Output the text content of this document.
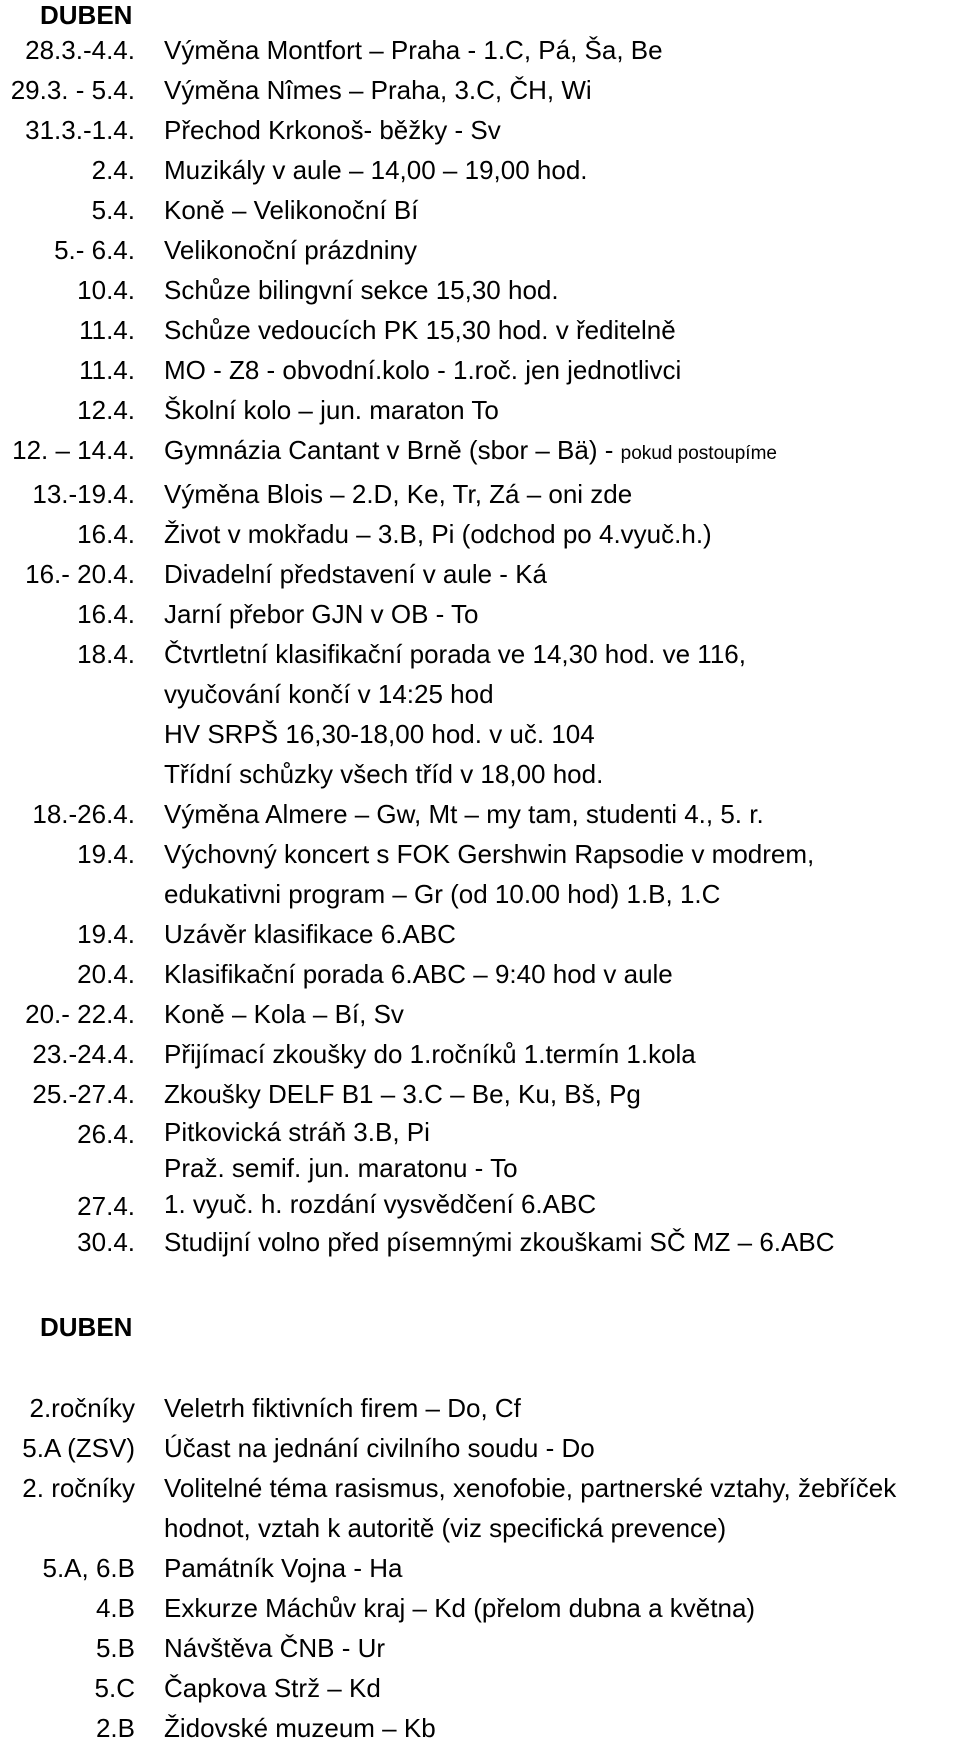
DUBEN
28.3.-4.4. Výměna Montfort – Praha - 1.C, Pá, Ša, Be
29.3. - 5.4. Výměna Nîmes – Praha, 3.C, ČH, Wi
31.3.-1.4. Přechod Krkonoš- běžky - Sv
2.4. Muzikály v aule – 14,00 – 19,00 hod.
5.4. Koně – Velikonoční Bí
5.- 6.4. Velikonoční prázdniny
10.4. Schůze bilingvní sekce 15,30 hod.
11.4. Schůze vedoucích PK 15,30 hod. v ředitelně
11.4. MO - Z8 - obvodní.kolo - 1.roč. jen jednotlivci
12.4. Školní kolo – jun. maraton To
12. – 14.4. Gymnázia Cantant v Brně (sbor – Bä) - pokud postoupíme
13.-19.4. Výměna Blois – 2.D, Ke, Tr, Zá – oni zde
16.4. Život v mokřadu – 3.B, Pi (odchod po 4.vyuč.h.)
16.- 20.4. Divadelní představení v aule - Ká
16.4. Jarní přebor GJN v OB - To
18.4. Čtvrtletní klasifikační porada ve 14,30 hod. ve 116,
vyučování končí v 14:25 hod
HV SRPŠ 16,30-18,00 hod. v uč. 104
Třídní schůzky všech tříd v 18,00 hod.
18.-26.4. Výměna Almere – Gw, Mt – my tam, studenti 4., 5. r.
19.4. Výchovný koncert s FOK Gershwin Rapsodie v modrem,
edukativni program – Gr (od 10.00 hod) 1.B, 1.C
19.4. Uzávěr klasifikace 6.ABC
20.4. Klasifikační porada 6.ABC – 9:40 hod v aule
20.- 22.4. Koně – Kola – Bí, Sv
23.-24.4. Přijímací zkoušky do 1.ročníků 1.termín 1.kola
25.-27.4. Zkoušky DELF B1 – 3.C – Be, Ku, Bš, Pg
26.4. Pitkovická stráň 3.B, Pi
Praž. semif. jun. maratonu - To
27.4. 1. vyuč. h. rozdání vysvědčení 6.ABC
30.4. Studijní volno před písemnými zkouškami SČ MZ – 6.ABC
DUBEN
2.ročníky Veletrh fiktivních firem – Do, Cf
5.A (ZSV) Účast na jednání civilního soudu - Do
2. ročníky Volitelné téma rasismus, xenofobie, partnerské vztahy, žebříček
hodnot, vztah k autoritě (viz specifická prevence)
5.A, 6.B Památník Vojna - Ha
4.B Exkurze Máchův kraj – Kd (přelom dubna a května)
5.B Návštěva ČNB - Ur
5.C Čapkova Strž – Kd
2.B Židovské muzeum – Kb
